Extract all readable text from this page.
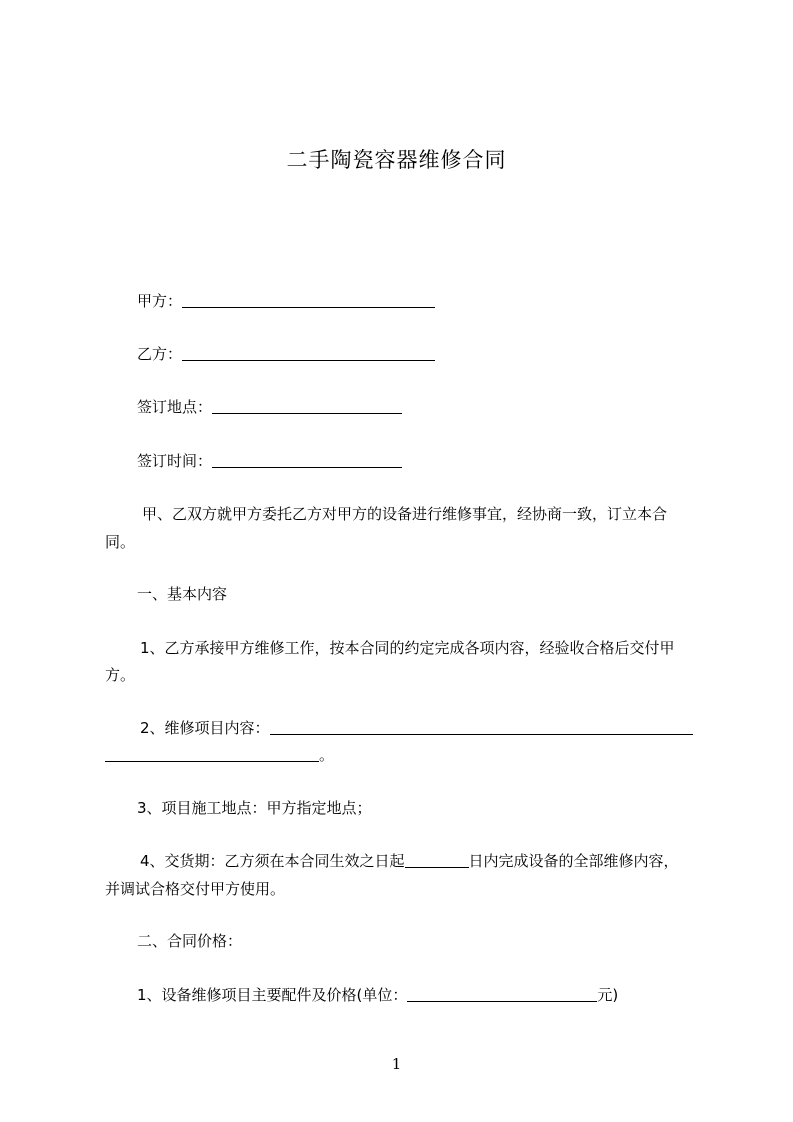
二手陶瓷容器维修合同
甲方：
乙方：
签订地点：
签订时间：
甲、乙双方就甲方委托乙方对甲方的设备进行维修事宜，经协商一致，订立本合
同。
一、基本内容
1、乙方承接甲方维修工作，按本合同的约定完成各项内容，经验收合格后交付甲
方。
2、维修项目内容：
。
3、项目施工地点：甲方指定地点；
4、交货期：乙方须在本合同生效之日起	日内完成设备的全部维修内容，
并调试合格交付甲方使用。
二、合同价格：
1、设备维修项目主要配件及价格(单位：	元)
1
